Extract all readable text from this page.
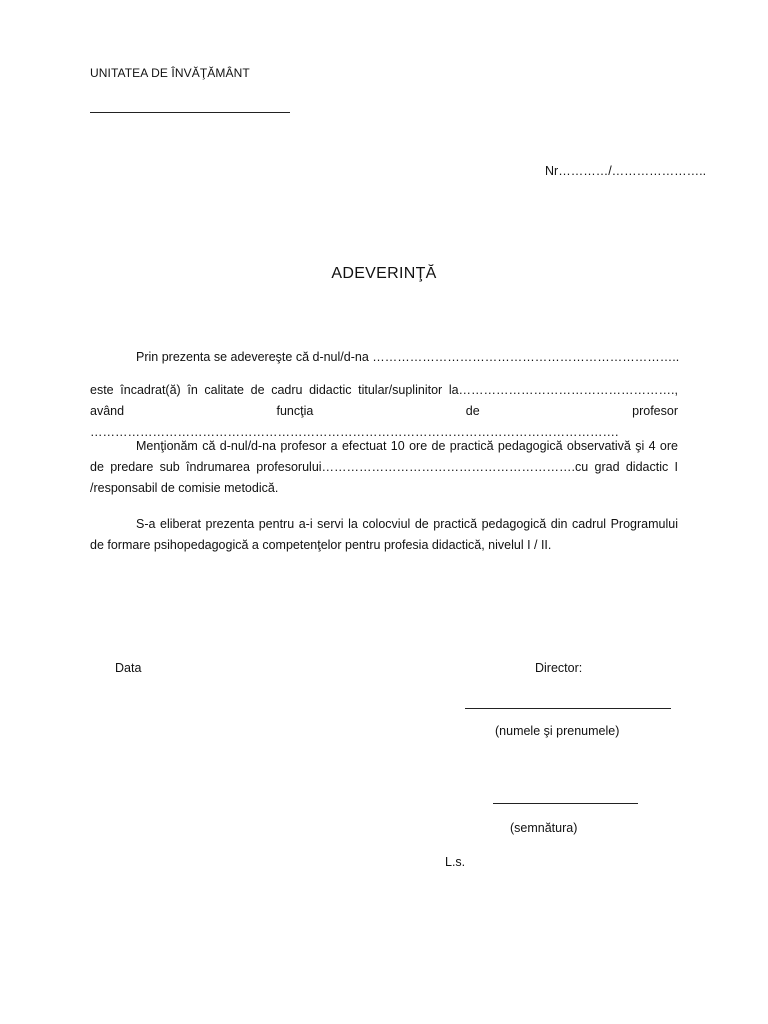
UNITATEA DE ÎNVĂŢĂMÂNT
Nr…………/…………………..
ADEVERINŢĂ
Prin prezenta se adevereşte că d-nul/d-na ………………………………………………………………..
este încadrat(ă) în calitate de cadru didactic titular/suplinitor la……………………………………………., având funcţia de profesor ……………………………………………………………………………………………………………….
Menţionăm că d-nul/d-na profesor a efectuat 10 ore de practică pedagogică observativă şi 4 ore de predare sub îndrumarea profesorului…………………………………………………….cu grad didactic I /responsabil de comisie metodică.
S-a eliberat prezenta pentru a-i servi la colocviul de practică pedagogică din cadrul Programului de formare psihopedagogică a competenţelor pentru profesia didactică, nivelul I / II.
Data	Director:
(numele şi prenumele)
(semnătura)
L.s.
